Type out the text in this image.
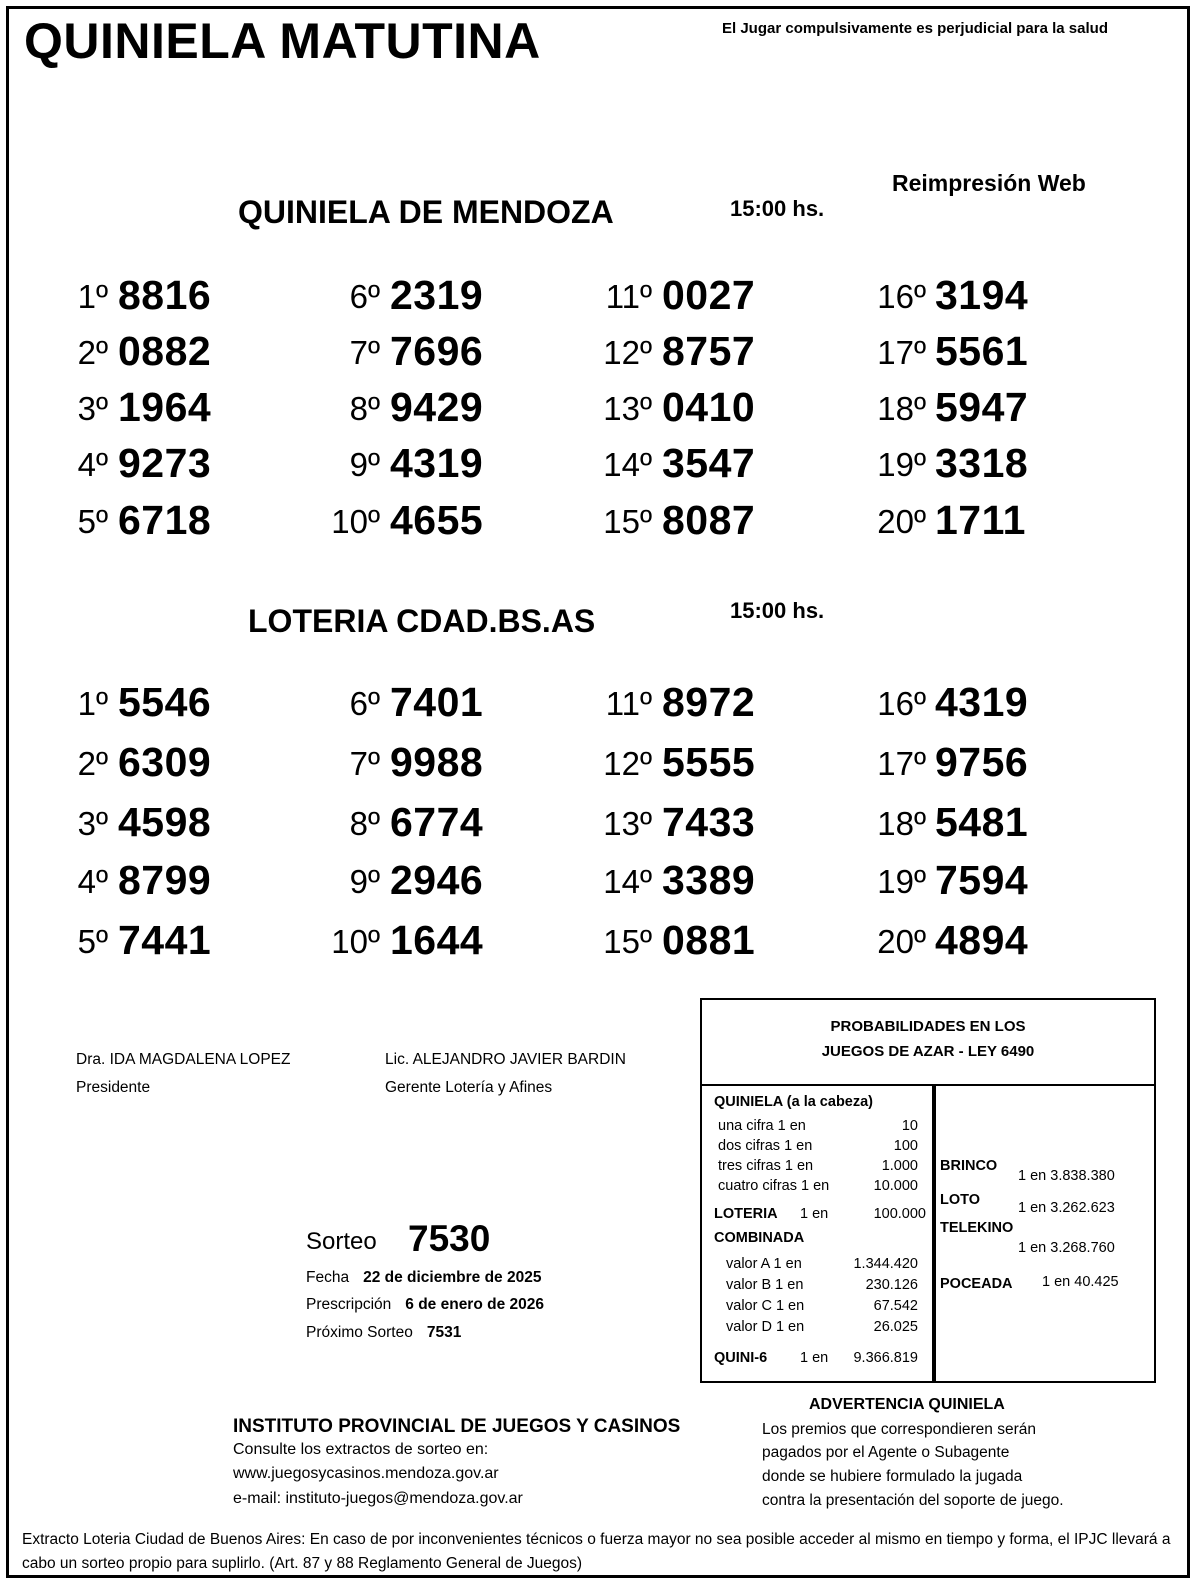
QUINIELA MATUTINA	El Jugar compulsivamente es perjudicial para la salud
Reimpresión Web
QUINIELA DE MENDOZA	15:00 hs.
1º 8816
2º 0882
3º 1964
4º 9273
5º 6718
6º 2319
7º 7696
8º 9429
9º 4319
10º 4655
11º 0027
12º 8757
13º 0410
14º 3547
15º 8087
16º 3194
17º 5561
18º 5947
19º 3318
20º 1711
LOTERIA CDAD.BS.AS	15:00 hs.
1º 5546
2º 6309
3º 4598
4º 8799
5º 7441
6º 7401
7º 9988
8º 6774
9º 2946
10º 1644
11º 8972
12º 5555
13º 7433
14º 3389
15º 0881
16º 4319
17º 9756
18º 5481
19º 7594
20º 4894
Dra. IDA MAGDALENA LOPEZ
Presidente
Lic. ALEJANDRO JAVIER BARDIN
Gerente Lotería y Afines
Sorteo 7530
Fecha 22 de diciembre de 2025
Prescripción 6 de enero de 2026
Próximo Sorteo 7531
PROBABILIDADES EN LOS
JUEGOS DE AZAR - LEY 6490
QUINIELA (a la cabeza)
una cifra 1 en	10
dos cifras 1 en	100
tres cifras 1 en	1.000
cuatro cifras 1 en	10.000
LOTERIA 1 en	100.000
COMBINADA
valor A 1 en	1.344.420
valor B 1 en	230.126
valor C 1 en	67.542
valor D 1 en	26.025
QUINI-6 1 en 9.366.819
BRINCO
1 en 3.838.380
LOTO	1 en 3.262.623
TELEKINO
1 en 3.268.760
POCEADA 1 en 40.425
INSTITUTO PROVINCIAL DE JUEGOS Y CASINOS
Consulte los extractos de sorteo en:
www.juegosycasinos.mendoza.gov.ar
e-mail: instituto-juegos@mendoza.gov.ar
ADVERTENCIA QUINIELA
Los premios que correspondieren serán
pagados por el Agente o Subagente
donde se hubiere formulado la jugada
contra la presentación del soporte de juego.
Extracto Loteria Ciudad de Buenos Aires: En caso de por inconvenientes técnicos o fuerza mayor no sea posible acceder al mismo en tiempo y forma, el IPJC llevará a cabo un sorteo propio para suplirlo. (Art. 87 y 88 Reglamento General de Juegos)
